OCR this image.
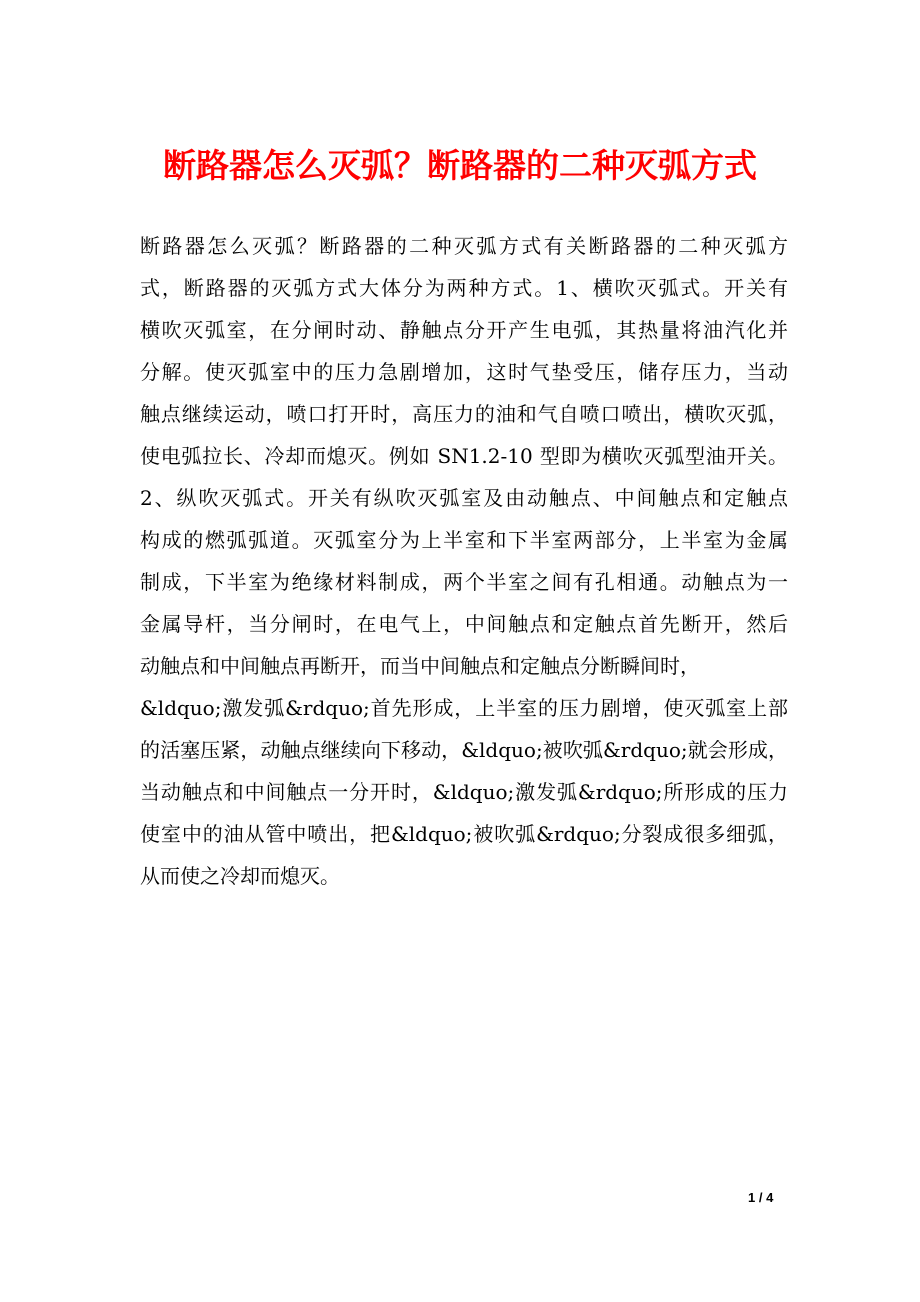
断路器怎么灭弧？断路器的二种灭弧方式
断路器怎么灭弧？断路器的二种灭弧方式有关断路器的二种灭弧方
式，断路器的灭弧方式大体分为两种方式。1、横吹灭弧式。开关有
横吹灭弧室，在分闸时动、静触点分开产生电弧，其热量将油汽化并
分解。使灭弧室中的压力急剧增加，这时气垫受压，储存压力，当动
触点继续运动，喷口打开时，高压力的油和气自喷口喷出，横吹灭弧，
使电弧拉长、冷却而熄灭。例如 SN1.2-10 型即为横吹灭弧型油开关。
2、纵吹灭弧式。开关有纵吹灭弧室及由动触点、中间触点和定触点
构成的燃弧弧道。灭弧室分为上半室和下半室两部分，上半室为金属
制成，下半室为绝缘材料制成，两个半室之间有孔相通。动触点为一
金属导杆，当分闸时，在电气上，中间触点和定触点首先断开，然后
动触点和中间触点再断开，而当中间触点和定触点分断瞬间时，
&ldquo;激发弧&rdquo;首先形成，上半室的压力剧增，使灭弧室上部
的活塞压紧，动触点继续向下移动，&ldquo;被吹弧&rdquo;就会形成，
当动触点和中间触点一分开时，&ldquo;激发弧&rdquo;所形成的压力
使室中的油从管中喷出，把&ldquo;被吹弧&rdquo;分裂成很多细弧，
从而使之冷却而熄灭。
1 / 4
